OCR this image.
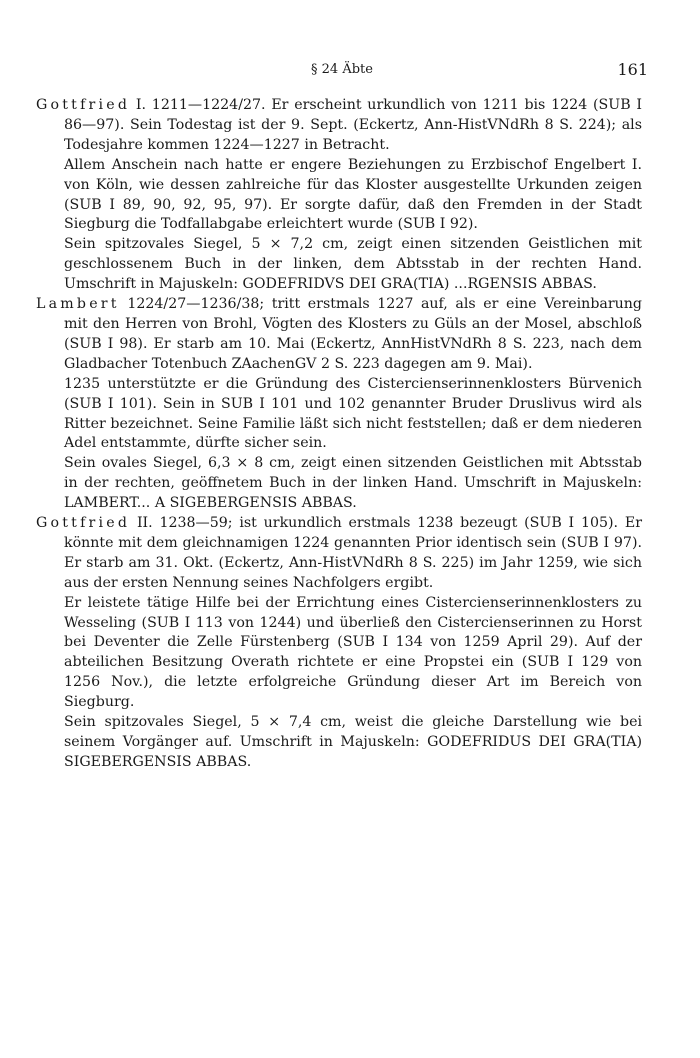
§ 24 Äbte	161

Gottfried I. 1211—1224/27. Er erscheint urkundlich von 1211 bis 1224 (SUB I 86—97). Sein Todestag ist der 9. Sept. (Eckertz, Ann-HistVNdRh 8 S. 224); als Todesjahre kommen 1224—1227 in Betracht.

Allem Anschein nach hatte er engere Beziehungen zu Erzbischof Engelbert I. von Köln, wie dessen zahlreiche für das Kloster ausgestellte Urkunden zeigen (SUB I 89, 90, 92, 95, 97). Er sorgte dafür, daß den Fremden in der Stadt Siegburg die Todfallabgabe erleichtert wurde (SUB I 92).

Sein spitzovales Siegel, 5 × 7,2 cm, zeigt einen sitzenden Geistlichen mit geschlossenem Buch in der linken, dem Abtsstab in der rechten Hand. Umschrift in Majuskeln: GODEFRIDVS DEI GRA(TIA) ...RGENSIS ABBAS.

Lambert 1224/27—1236/38; tritt erstmals 1227 auf, als er eine Vereinbarung mit den Herren von Brohl, Vögten des Klosters zu Güls an der Mosel, abschloß (SUB I 98). Er starb am 10. Mai (Eckertz, AnnHistVNdRh 8 S. 223, nach dem Gladbacher Totenbuch ZAachenGV 2 S. 223 dagegen am 9. Mai).

1235 unterstützte er die Gründung des Cistercienserinnenklosters Bürvenich (SUB I 101). Sein in SUB I 101 und 102 genannter Bruder Druslivus wird als Ritter bezeichnet. Seine Familie läßt sich nicht feststellen; daß er dem niederen Adel entstammte, dürfte sicher sein.

Sein ovales Siegel, 6,3 × 8 cm, zeigt einen sitzenden Geistlichen mit Abtsstab in der rechten, geöffnetem Buch in der linken Hand. Umschrift in Majuskeln: LAMBERT... A SIGEBERGENSIS ABBAS.

Gottfried II. 1238—59; ist urkundlich erstmals 1238 bezeugt (SUB I 105). Er könnte mit dem gleichnamigen 1224 genannten Prior identisch sein (SUB I 97). Er starb am 31. Okt. (Eckertz, Ann-HistVNdRh 8 S. 225) im Jahr 1259, wie sich aus der ersten Nennung seines Nachfolgers ergibt.

Er leistete tätige Hilfe bei der Errichtung eines Cistercienserinnenklosters zu Wesseling (SUB I 113 von 1244) und überließ den Cistercienserinnen zu Horst bei Deventer die Zelle Fürstenberg (SUB I 134 von 1259 April 29). Auf der abteilichen Besitzung Overath richtete er eine Propstei ein (SUB I 129 von 1256 Nov.), die letzte erfolgreiche Gründung dieser Art im Bereich von Siegburg.

Sein spitzovales Siegel, 5 × 7,4 cm, weist die gleiche Darstellung wie bei seinem Vorgänger auf. Umschrift in Majuskeln: GODEFRIDUS DEI GRA(TIA) SIGEBERGENSIS ABBAS.
